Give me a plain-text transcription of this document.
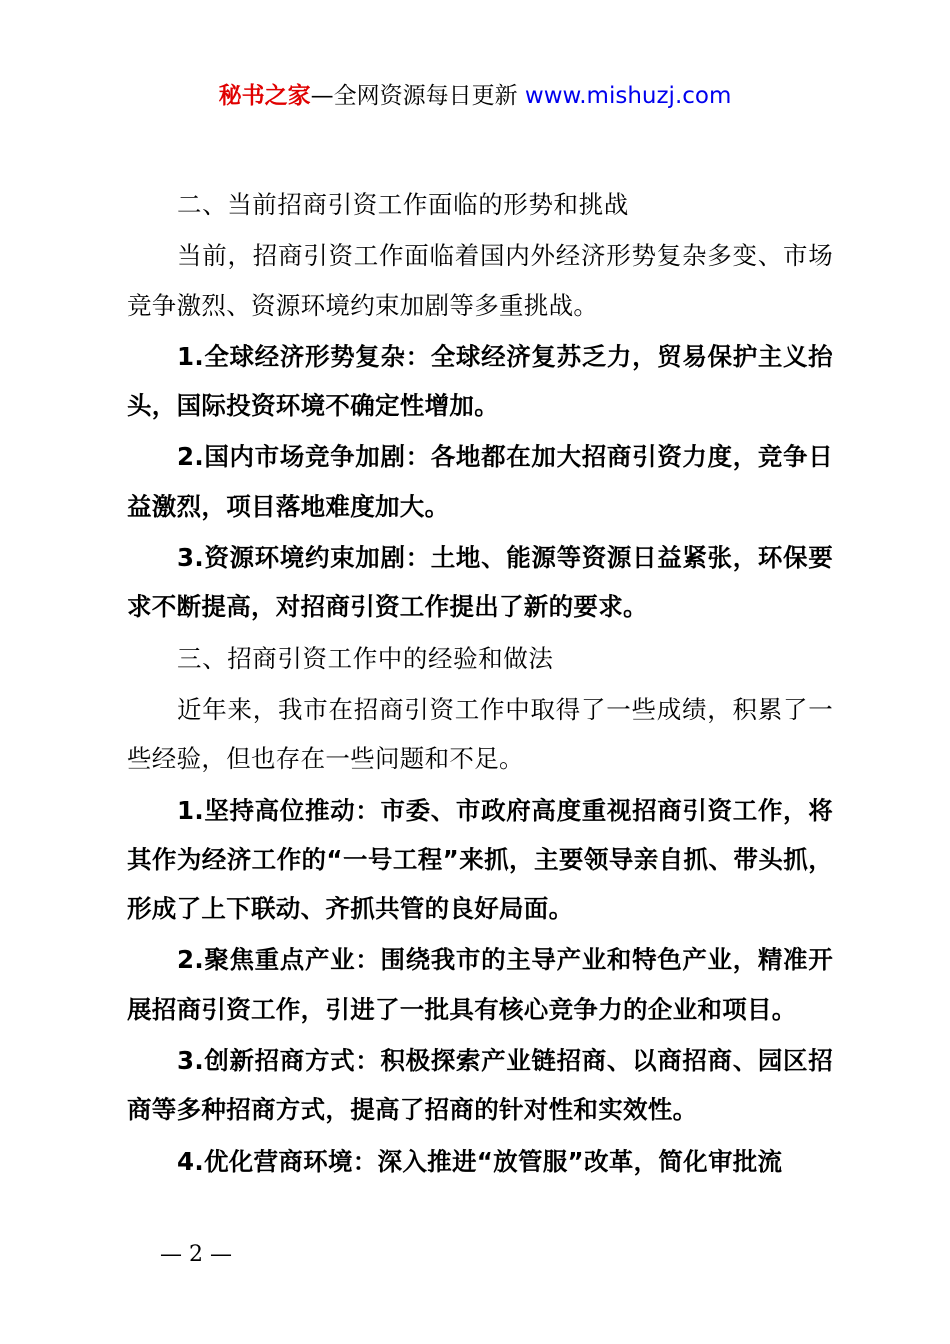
秘书之家—全网资源每日更新 www.mishuzj.com

二、当前招商引资工作面临的形势和挑战

当前，招商引资工作面临着国内外经济形势复杂多变、市场竞争激烈、资源环境约束加剧等多重挑战。

1.全球经济形势复杂：全球经济复苏乏力，贸易保护主义抬头，国际投资环境不确定性增加。

2.国内市场竞争加剧：各地都在加大招商引资力度，竞争日益激烈，项目落地难度加大。

3.资源环境约束加剧：土地、能源等资源日益紧张，环保要求不断提高，对招商引资工作提出了新的要求。

三、招商引资工作中的经验和做法

近年来，我市在招商引资工作中取得了一些成绩，积累了一些经验，但也存在一些问题和不足。

1.坚持高位推动：市委、市政府高度重视招商引资工作，将其作为经济工作的“一号工程”来抓，主要领导亲自抓、带头抓，形成了上下联动、齐抓共管的良好局面。

2.聚焦重点产业：围绕我市的主导产业和特色产业，精准开展招商引资工作，引进了一批具有核心竞争力的企业和项目。

3.创新招商方式：积极探索产业链招商、以商招商、园区招商等多种招商方式，提高了招商的针对性和实效性。

4.优化营商环境：深入推进“放管服”改革，简化审批流

— 2 —
